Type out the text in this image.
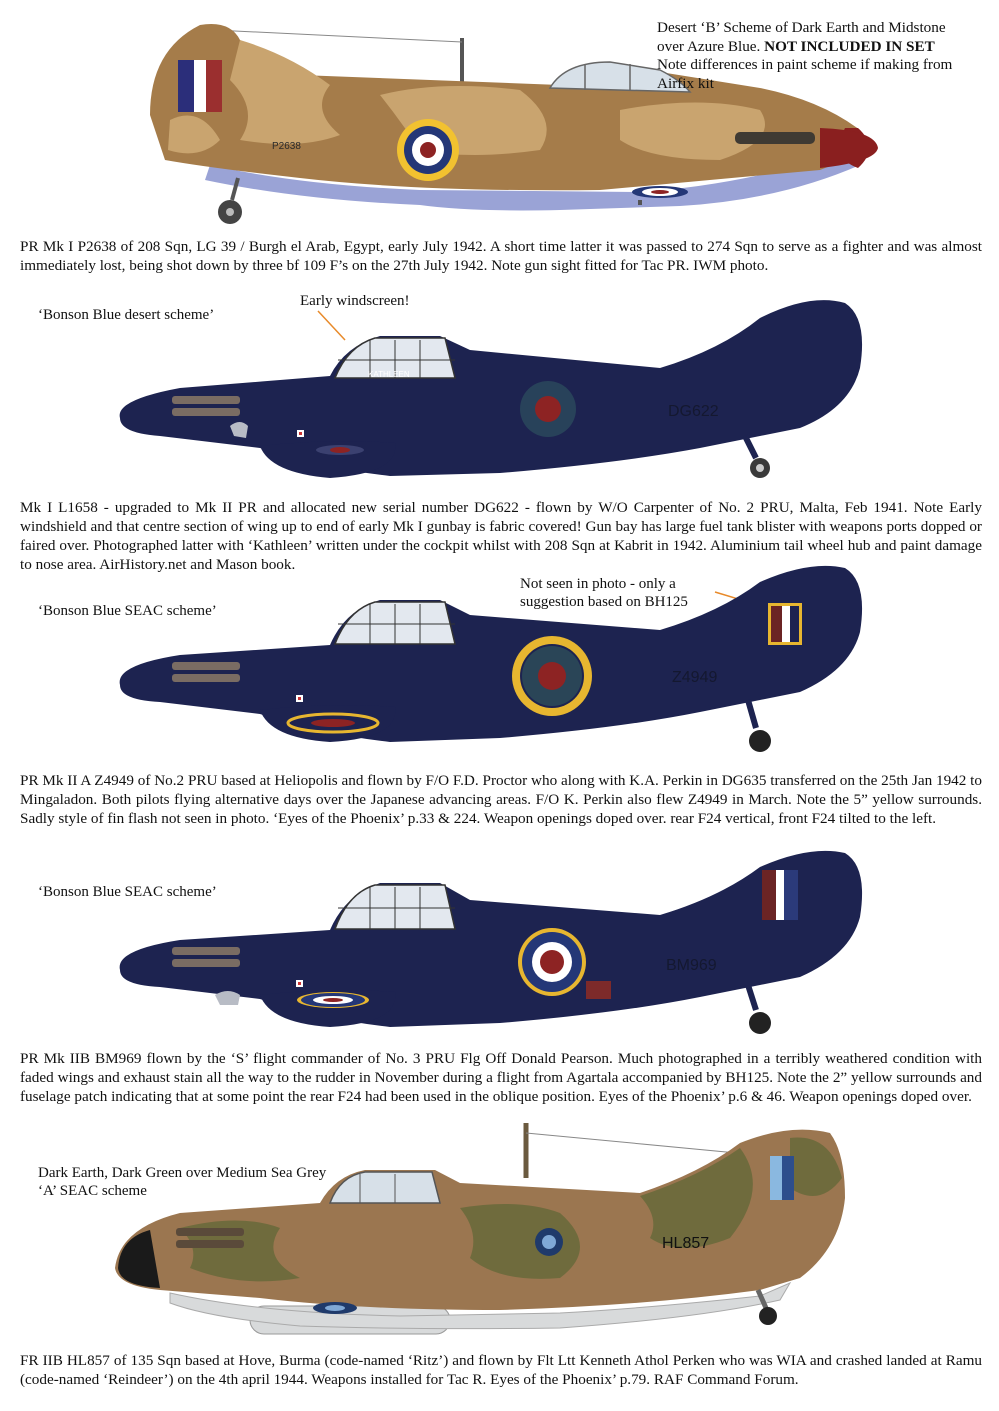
P2638
Desert ‘B’ Scheme of Dark Earth and Midstone
over Azure Blue. NOT INCLUDED IN SET
Note differences in paint scheme if making from
Airfix kit
PR Mk I P2638 of 208 Sqn, LG 39 / Burgh el Arab, Egypt, early July 1942. A short time latter it was passed to 274 Sqn to serve as a fighter and was almost immediately lost, being shot down by three bf 109 F’s on the 27th July 1942. Note gun sight fitted for Tac PR. IWM photo.
‘Bonson Blue desert scheme’
Early windscreen!
KATHLEEN
DG622
Mk I L1658 - upgraded to Mk II PR and allocated new serial number DG622 - flown by W/O Carpenter of No. 2 PRU, Malta, Feb 1941. Note Early windshield and that centre section of wing up to end of early Mk I gunbay is fabric covered! Gun bay has large fuel tank blister with weapons ports dopped or faired over. Photographed latter with ‘Kathleen’ written under the cockpit whilst with 208 Sqn at Kabrit in 1942. Aluminium tail wheel hub and paint damage to nose area. AirHistory.net and Mason book.
‘Bonson Blue SEAC scheme’
Not seen in photo - only a
suggestion based on BH125
Z4949
PR Mk II A Z4949 of No.2 PRU based at Heliopolis and flown by F/O F.D. Proctor who along with K.A. Perkin in DG635 transferred on the 25th Jan 1942 to Mingaladon. Both pilots flying alternative days over the Japanese advancing areas. F/O K. Perkin also flew Z4949 in March. Note the 5” yellow surrounds. Sadly style of fin flash not seen in photo. ‘Eyes of the Phoenix’ p.33 & 224. Weapon openings doped over. rear F24 vertical, front F24 tilted to the left.
‘Bonson Blue SEAC scheme’
BM969
PR Mk IIB BM969 flown by the ‘S’ flight commander of No. 3 PRU Flg Off Donald Pearson. Much photographed in a terribly weathered condition with faded wings and exhaust stain all the way to the rudder in November during a flight from Agartala accompanied by BH125. Note the 2” yellow surrounds and fuselage patch indicating that at some point the rear F24 had been used in the oblique position. Eyes of the Phoenix’ p.6 & 46. Weapon openings doped over.
Dark Earth, Dark Green over Medium Sea Grey
‘A’ SEAC scheme
HL857
FR IIB HL857 of 135 Sqn based at Hove, Burma (code-named ‘Ritz’) and flown by Flt Ltt Kenneth Athol Perken who was WIA and crashed landed at Ramu (code-named ‘Reindeer’) on the 4th april 1944. Weapons installed for Tac R. Eyes of the Phoenix’ p.79. RAF Command Forum.
